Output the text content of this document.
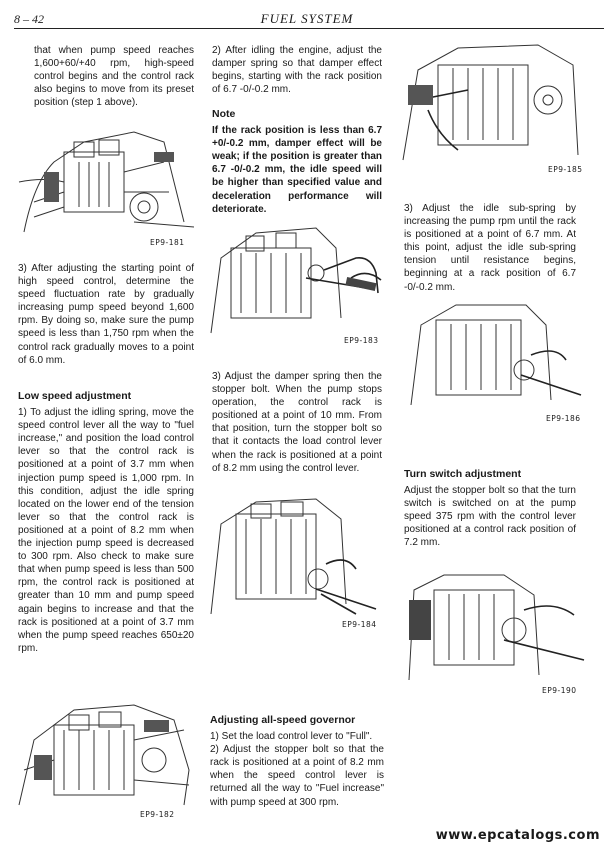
8 – 42	FUEL SYSTEM

that when pump speed reaches 1,600+60/+40 rpm, high-speed control begins and the control rack also begins to move from its preset position (step 1 above).

EP9-181

3) After adjusting the starting point of high speed control, determine the speed fluctuation rate by gradually increasing pump speed beyond 1,600 rpm. By doing so, make sure the pump speed is less than 1,750 rpm when the control rack gradually moves to a point of 6.0 mm.

Low speed adjustment

1) To adjust the idling spring, move the speed control lever all the way to "fuel increase," and position the load control lever so that the control rack is positioned at a point of 3.7 mm when injection pump speed is 1,000 rpm. In this condition, adjust the idle spring located on the lower end of the tension lever so that the control rack is positioned at a point of 8.2 mm when the injection pump speed is decreased to 300 rpm. Also check to make sure that when pump speed is less than 500 rpm, the control rack is positioned at greater than 10 mm and pump speed again begins to increase and that the rack is positioned at a point of 3.7 mm when the pump speed reaches 650±20 rpm.

EP9-182

2) After idling the engine, adjust the damper spring so that damper effect begins, starting with the rack position of 6.7 -0/-0.2 mm.

Note

If the rack position is less than 6.7 +0/-0.2 mm, damper effect will be weak; if the position is greater than 6.7 -0/-0.2 mm, the idle speed will be higher than specified value and deceleration performance will deteriorate.

EP9-183

3) Adjust the damper spring then the stopper bolt. When the pump stops operation, the control rack is positioned at a point of 10 mm. From that position, turn the stopper bolt so that it contacts the load control lever when the rack is positioned at a point of 8.2 mm using the control lever.

EP9-184

Adjusting all-speed governor

1) Set the load control lever to "Full".

2) Adjust the stopper bolt so that the rack is positioned at a point of 8.2 mm when the speed control lever is returned all the way to "Fuel increase" with pump speed at 300 rpm.

EP9-185

3) Adjust the idle sub-spring by increasing the pump rpm until the rack is positioned at a point of 6.7 mm. At this point, adjust the idle sub-spring tension until resistance begins, beginning at a rack position of 6.7 -0/-0.2 mm.

EP9-186

Turn switch adjustment

Adjust the stopper bolt so that the turn switch is switched on at the pump speed 375 rpm with the control lever positioned at a control rack position of 7.2 mm.

EP9-190
www.epcatalogs.com
